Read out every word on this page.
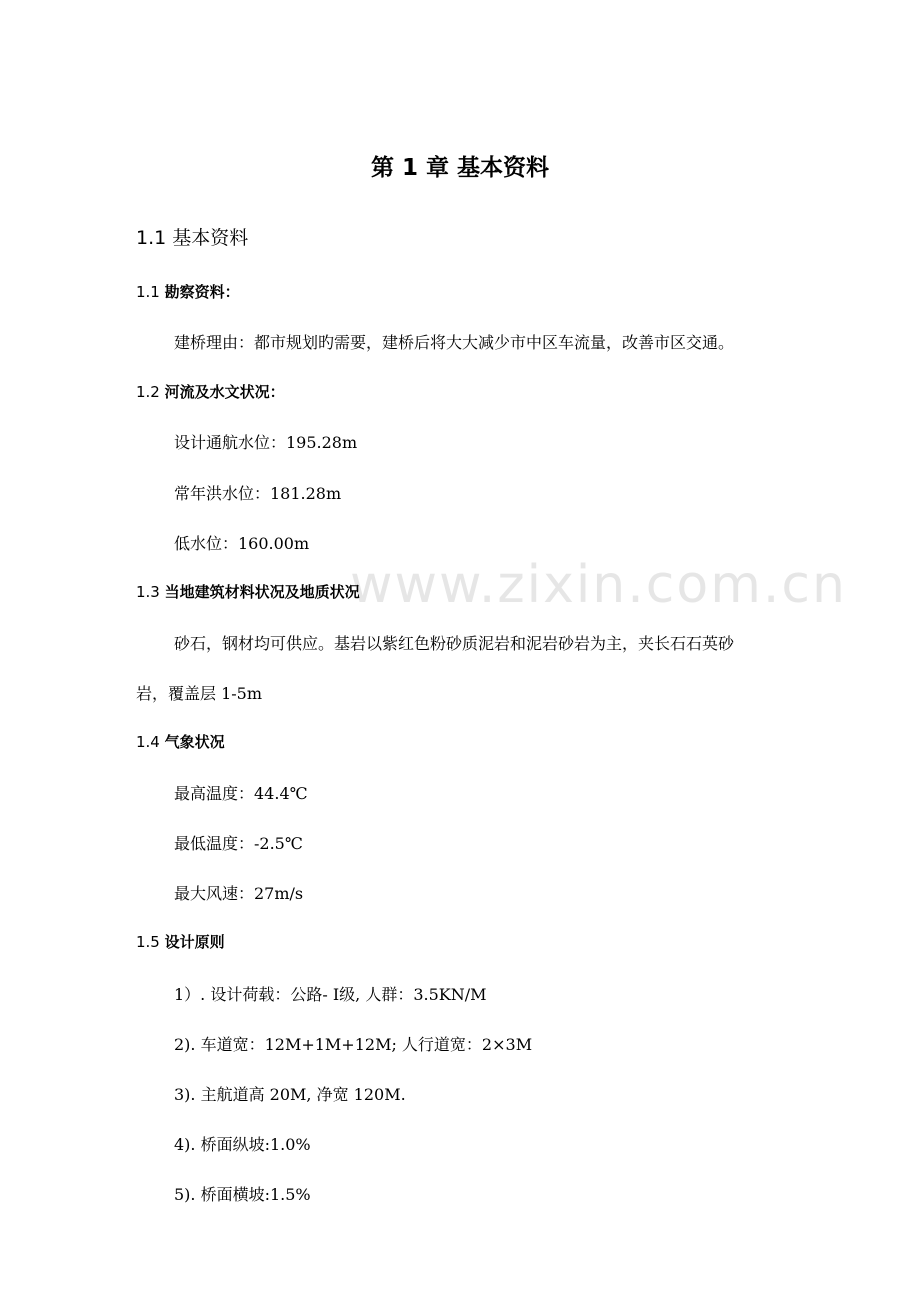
www.zixin.com.cn
第 1 章 基本资料
1.1 基本资料
1.1 勘察资料：
建桥理由：都市规划旳需要，建桥后将大大减少市中区车流量，改善市区交通。
1.2 河流及水文状况：
设计通航水位：195.28m
常年洪水位：181.28m
低水位：160.00m
1.3 当地建筑材料状况及地质状况
砂石，钢材均可供应。基岩以紫红色粉砂质泥岩和泥岩砂岩为主，夹长石石英砂
岩，覆盖层 1-5m
1.4 气象状况
最高温度：44.4℃
最低温度：-2.5℃
最大风速：27m/s
1.5 设计原则
1）. 设计荷载：公路- Ⅰ级, 人群：3.5KN/M
2). 车道宽：12M+1M+12M; 人行道宽：2×3M
3). 主航道高 20M, 净宽 120M.
4). 桥面纵坡:1.0%
5). 桥面横坡:1.5%
